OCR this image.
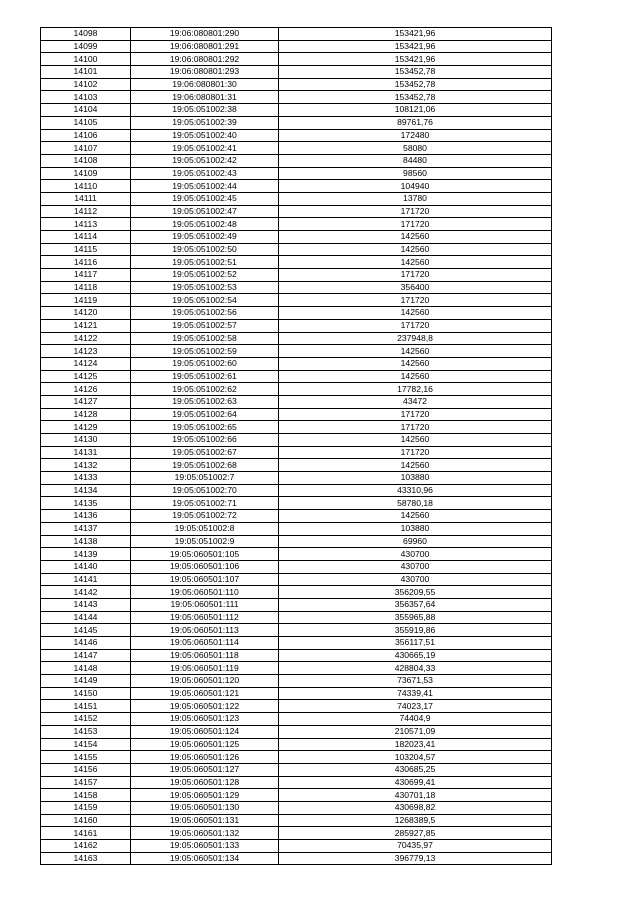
14098	19:06:080801:290	153421,96
14099	19:06:080801:291	153421,96
14100	19:06:080801:292	153421,96
14101	19:06:080801:293	153452,78
14102	19:06:080801:30	153452,78
14103	19:06:080801:31	153452,78
14104	19:05:051002:38	108121,06
14105	19:05:051002:39	89761,76
14106	19:05:051002:40	172480
14107	19:05:051002:41	58080
14108	19:05:051002:42	84480
14109	19:05:051002:43	98560
14110	19:05:051002:44	104940
14111	19:05:051002:45	13780
14112	19:05:051002:47	171720
14113	19:05:051002:48	171720
14114	19:05:051002:49	142560
14115	19:05:051002:50	142560
14116	19:05:051002:51	142560
14117	19:05:051002:52	171720
14118	19:05:051002:53	356400
14119	19:05:051002:54	171720
14120	19:05:051002:56	142560
14121	19:05:051002:57	171720
14122	19:05:051002:58	237948,8
14123	19:05:051002:59	142560
14124	19:05:051002:60	142560
14125	19:05:051002:61	142560
14126	19:05:051002:62	17782,16
14127	19:05:051002:63	43472
14128	19:05:051002:64	171720
14129	19:05:051002:65	171720
14130	19:05:051002:66	142560
14131	19:05:051002:67	171720
14132	19:05:051002:68	142560
14133	19:05:051002:7	103880
14134	19:05:051002:70	43310,96
14135	19:05:051002:71	58780,18
14136	19:05:051002:72	142560
14137	19:05:051002:8	103880
14138	19:05:051002:9	69960
14139	19:05:060501:105	430700
14140	19:05:060501:106	430700
14141	19:05:060501:107	430700
14142	19:05:060501:110	356209,55
14143	19:05:060501:111	356357,64
14144	19:05:060501:112	355965,88
14145	19:05:060501:113	355919,86
14146	19:05:060501:114	356117,51
14147	19:05:060501:118	430665,19
14148	19:05:060501:119	428804,33
14149	19:05:060501:120	73671,53
14150	19:05:060501:121	74339,41
14151	19:05:060501:122	74023,17
14152	19:05:060501:123	74404,9
14153	19:05:060501:124	210571,09
14154	19:05:060501:125	182023,41
14155	19:05:060501:126	103204,57
14156	19:05:060501:127	430685,25
14157	19:05:060501:128	430699,41
14158	19:05:060501:129	430701,18
14159	19:05:060501:130	430698,82
14160	19:05:060501:131	1268389,5
14161	19:05:060501:132	285927,85
14162	19:05:060501:133	70435,97
14163	19:05:060501:134	396779,13
